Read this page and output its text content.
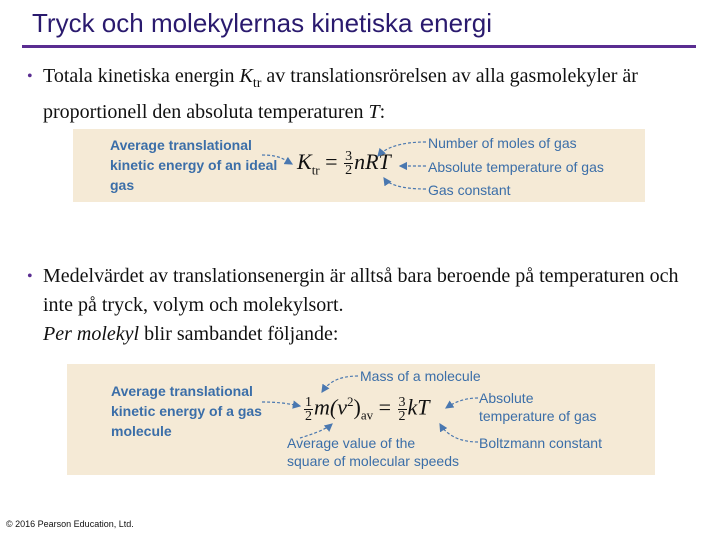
Tryck och molekylernas kinetiska energi
• Totala kinetiska energin $K_{tr}$ av translationsrörelsen av alla gasmolekyler är proportionell den absoluta temperaturen T:
Average translational kinetic energy of an ideal gas
$K_{tr} = \frac{3}{2}$ nRT
Number of moles of gas
Absolute temperature of gas
Gas constant
• Medelvärdet av translationsenergin är alltså bara beroende på temperaturen och inte på tryck, volym och molekylsort.
Per molekyl blir sambandet följande:
Average translational kinetic energy of a gas molecule
$\frac{1}{2} m(v^2)_{av} = \frac{3}{2}$ kT
Mass of a molecule
Absolute temperature of gas
Boltzmann constant
Average value of the
square of molecular speeds
© 2016 Pearson Education, Ltd.
